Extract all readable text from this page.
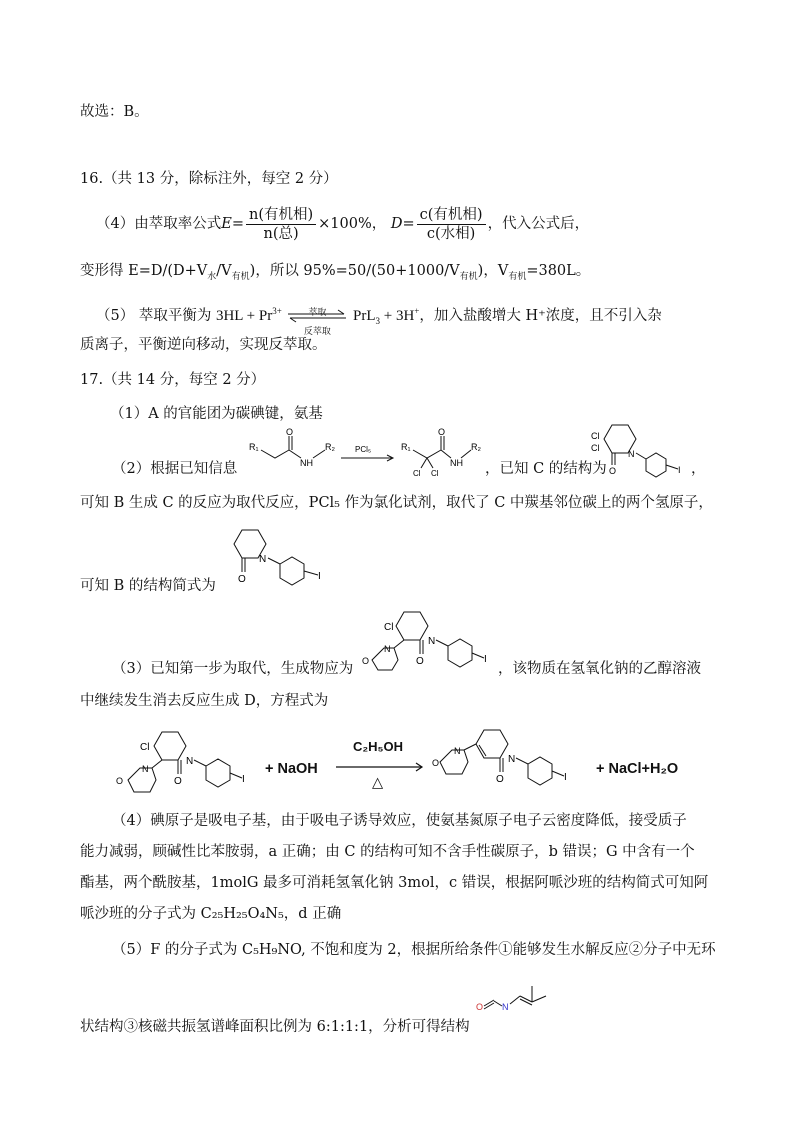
故选：B。
16.（共 13 分，除标注外，每空 2 分）
（4）由萃取率公式$E= \frac{\text{n(有机相)}}{\text{n(总)}} \times 100\%$， $D= \frac{\text{c(有机相)}}{\text{c(水相)}}$ ，代入公式后，
变形得 $E=D/(D+V_水/V_{有机})$，所以 $95\%=50/(50+1000/V_{有机})$，$V_{有机}=380L$。
（5） 萃取平衡为 $3HL + Pr^{3+}$	萃取
反萃取
PrL$_3$ + 3H+，加入盐酸增大 H⁺浓度，且不引入杂
质离子，平衡逆向移动，实现反萃取。
17.（共 14 分，每空 2 分）
（1）A 的官能团为碳碘键，氨基
（2）根据已知信息
R₁
O
NH
R₂	PCl₅	R₁
O
Cl Cl
NH
R₂
，已知 C 的结构为
Cl
Cl
O
N
I ，
可知 B 生成 C 的反应为取代反应，PCl₅ 作为氯化试剂，取代了 C 中羰基邻位碳上的两个氢原子，
O
N
I
可知 B 的结构简式为
（3）已知第一步为取代，生成物应为
Cl
O
N
I
N
O	，该物质在氢氧化钠的乙醇溶液
中继续发生消去反应生成 D，方程式为
Cl
O
N
I
N
O
+ NaOH
C₂H₅OH
△	O
N
I
N
O	+ NaCl+H₂O
（4）碘原子是吸电子基，由于吸电子诱导效应，使氨基氮原子电子云密度降低，接受质子
能力减弱，顾碱性比苯胺弱，a 正确；由 C 的结构可知不含手性碳原子，b 错误；G 中含有一个
酯基，两个酰胺基，1molG 最多可消耗氢氧化钠 3mol，c 错误，根据阿哌沙班的结构简式可知阿
哌沙班的分子式为 C₂₅H₂₅O₄N₅，d 正确
（5）F 的分子式为 C₅H₉NO, 不饱和度为 2，根据所给条件①能够发生水解反应②分子中无环
状结构③核磁共振氢谱峰面积比例为 6:1:1:1，分析可得结构
O N
